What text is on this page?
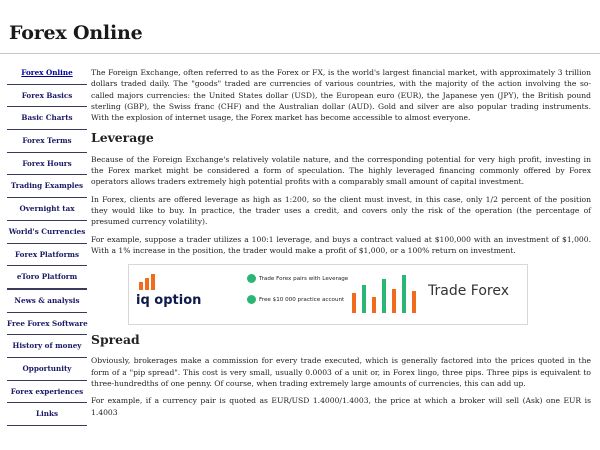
Forex Online
Forex Online
Forex Basics
Basic Charts
Forex Terms
Forex Hours
Trading Examples
Overnight tax
World's Currencies
Forex Platforms
eToro Platform
News & analysis
Free Forex Software
History of money
Opportunity
Forex experiences
Links

The Foreign Exchange, often referred to as the Forex or FX, is the world's largest financial market, with approximately 3 trillion dollars traded daily. The "goods" traded are currencies of various countries, with the majority of the action involving the so-called majors currencies: the United States dollar (USD), the European euro (EUR), the Japanese yen (JPY), the British pound sterling (GBP), the Swiss franc (CHF) and the Australian dollar (AUD). Gold and silver are also popular trading instruments. With the explosion of internet usage, the Forex market has become accessible to almost everyone.

Leverage

Because of the Foreign Exchange's relatively volatile nature, and the corresponding potential for very high profit, investing in the Forex market might be considered a form of speculation. The highly leveraged financing commonly offered by Forex operators allows traders extremely high potential profits with a comparably small amount of capital investment.

In Forex, clients are offered leverage as high as 1:200, so the client must invest, in this case, only 1/2 percent of the position they would like to buy. In practice, the trader uses a credit, and covers only the risk of the operation (the percentage of presumed currency volatility).

For example, suppose a trader utilizes a 100:1 leverage, and buys a contract valued at $100,000 with an investment of $1,000. With a 1% increase in the position, the trader would make a profit of $1,000, or a 100% return on investment.

iq option
Trade Forex pairs with Leverage
Free $10 000 practice account
Trade Forex
Spread

Obviously, brokerages make a commission for every trade executed, which is generally factored into the prices quoted in the form of a "pip spread". This cost is very small, usually 0.0003 of a unit or, in Forex lingo, three pips. Three pips is equivalent to three-hundredths of one penny. Of course, when trading extremely large amounts of currencies, this can add up.

For example, if a currency pair is quoted as EUR/USD 1.4000/1.4003, the price at which a broker will sell (Ask) one EUR is 1.4003
